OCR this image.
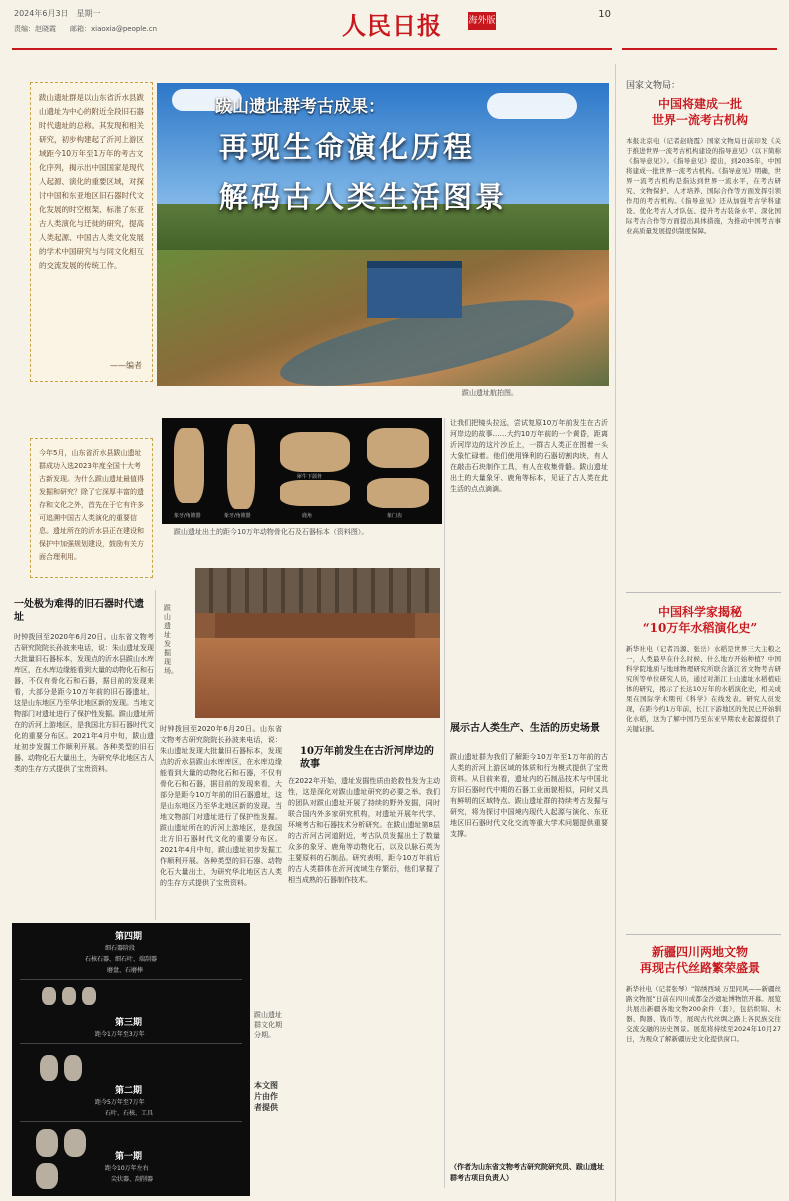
2024年6月3日　星期一
责编：赵晓霞　　邮箱：xiaoxia@people.cn	人民日报	海外版
10

跋山遗址群是以山东省沂水县跋山遗址为中心的附近全段旧石器时代遗址的总称。其发现和相关研究，初步构建起了沂河上游区域距今10万年至1万年的考古文化序列，揭示出中国国家是现代人起源、演化的重要区域，对探讨中国和东亚地区旧石器时代文化发展的时空框架、标准了东亚古人类演化与迁徙的研究，提高人类起源、中国古人类文化发展的学术中国研究与与同文化相互的交流发展的传统工作。

——编者

今年5月，山东省沂水县跋山遗址群成功入选2023年度全国十大考古新发现。为什么跋山遗址最值得发掘和研究？除了它深厚丰富的遗存和文化之外，首先在于它有许多可追溯中国古人类演化的重要信息。遗址所在的沂水县正在建设和保护中加强规划建设，鼓励有关方面合理利用。

跋山遗址群考古成果：
再现生命演化历程
解码古人类生活图景
跋山遗址航拍图。
象牙/角锥器	象牙/角锥器
犀牛下颌骨
鹿角	象门齿
跋山遗址出土的距今10万年动物骨化石及石器标本（资料图）。
跋山遗址发掘现场。
一处极为难得的旧石器时代遗址
时钟拨回至2020年6月20日。山东省文物考古研究院院长孙波来电话，说：朱山遗址发现大批量旧石器标本，发现点的沂水县跋山水库库区，在水库边缘能看到大量的动物化石和石器，不仅有骨化石和石器，据目前的发现来看，大部分是距今10万年前的旧石器遗址，这是山东地区乃至华北地区新的发现。当地文物部门对遗址进行了保护性发掘。跋山遗址所在的沂河上游地区，是我国北方旧石器时代文化的重要分布区。2021年4月中旬，跋山遗址初步发掘工作顺利开展。各种类型的旧石器、动物化石大量出土，为研究华北地区古人类的生存方式提供了宝贵资料。
时钟拨回至2020年6月20日。山东省文物考古研究院院长孙波来电话，说：朱山遗址发现大批量旧石器标本，发现点的沂水县跋山水库库区，在水库边缘能看到大量的动物化石和石器，不仅有骨化石和石器，据目前的发现来看，大部分是距今10万年前的旧石器遗址，这是山东地区乃至华北地区新的发现。当地文物部门对遗址进行了保护性发掘。跋山遗址所在的沂河上游地区，是我国北方旧石器时代文化的重要分布区。2021年4月中旬，跋山遗址初步发掘工作顺利开展。各种类型的旧石器、动物化石大量出土，为研究华北地区古人类的生存方式提供了宝贵资料。
10万年前发生在古沂河岸边的故事
在2022年开始，遗址发掘性质由抢救性发为主动性，这是深化对跋山遗址研究的必要之举。我们的团队对跋山遗址开展了持续的野外发掘，同时联合国内外多家研究机构，对遗址开展年代学、环境考古和石器技术分析研究。在跋山遗址第8层的古沂河古河道附近，考古队员发掘出土了数量众多的象牙、鹿角等动物化石，以及以脉石英为主要原料的石制品。研究表明，距今10万年前后的古人类群体在沂河流域生存繁衍，他们掌握了相当成熟的石器制作技术。
让我们把镜头拉远，尝试复原10万年前发生在古沂河岸边的故事……大约10万年前的一个黄昏，距离沂河岸边的这片沙丘上，一群古人类正在围着一头大象忙碌着。他们使用锋利的石器切割肉块，有人在敲击石块制作工具，有人在收集骨骼。跋山遗址出土的大量象牙、鹿角等标本，见证了古人类在此生活的点点滴滴。
展示古人类生产、生活的历史场景
跋山遗址群为我们了解距今10万年至1万年前的古人类的沂河上游区域的体质和行为模式提供了宝贵资料。从目前来看，遗址内的石制品技术与中国北方旧石器时代中期的石器工业面貌相似，同时又具有鲜明的区域特点。跋山遗址群的持续考古发掘与研究，将为探讨中国境内现代人起源与演化、东亚地区旧石器时代文化交流等重大学术问题提供重要支撑。
（作者为山东省文物考古研究院研究员、跋山遗址群考古项目负责人）
第四期
细石器阶段
石核石器、细石叶、端刮器
磨盘、石磨棒
第三期
距今1万年至3万年
第二期
距今5万年至7万年
石叶、石核、工具
第一期
距今10万年左右
尖状器、刮削器
跋山遗址群文化期分期。
本文图片由作者提供
国家文物局：
中国将建成一批
世界一流考古机构
本报北京电（记者赵晓霞）国家文物局日前印发《关于推进世界一流考古机构建设的指导意见》（以下简称《指导意见》）。《指导意见》提出，到2035年，中国将建成一批世界一流考古机构。《指导意见》明确，世界一流考古机构是指达到世界一流水平，在考古研究、文物保护、人才培养、国际合作等方面发挥引领作用的考古机构。《指导意见》还从加强考古学科建设、优化考古人才队伍、提升考古装备水平、深化国际考古合作等方面提出具体措施，为推动中国考古事业高质量发展提供制度保障。
中国科学家揭秘
“10万年水稻演化史”
新华社电（记者冯源、张岳）水稻是世界三大主粮之一，人类最早在什么时候、什么地方开始种植？中国科学院地质与地球物理研究所联合浙江省文物考古研究所等单位研究人员，通过对浙江上山遗址水稻植硅体的研究，揭示了长达10万年的水稻演化史，相关成果在国际学术期刊《科学》在线发表。研究人员发现，在距今约1万年前，长江下游地区的先民已开始驯化水稻，这为了解中国乃至东亚早期农业起源提供了关键证据。
新疆四川两地文物
再现古代丝路繁荣盛景
新华社电（记者张琴）“锦绣西域 万里同风——新疆丝路文物展”日前在四川成都金沙遗址博物馆开幕。展览共展出新疆各地文物200余件（套），包括织锦、木器、陶器、钱币等，展现古代丝绸之路上各民族交往交流交融的历史图景。展览将持续至2024年10月27日，为观众了解新疆历史文化提供窗口。
